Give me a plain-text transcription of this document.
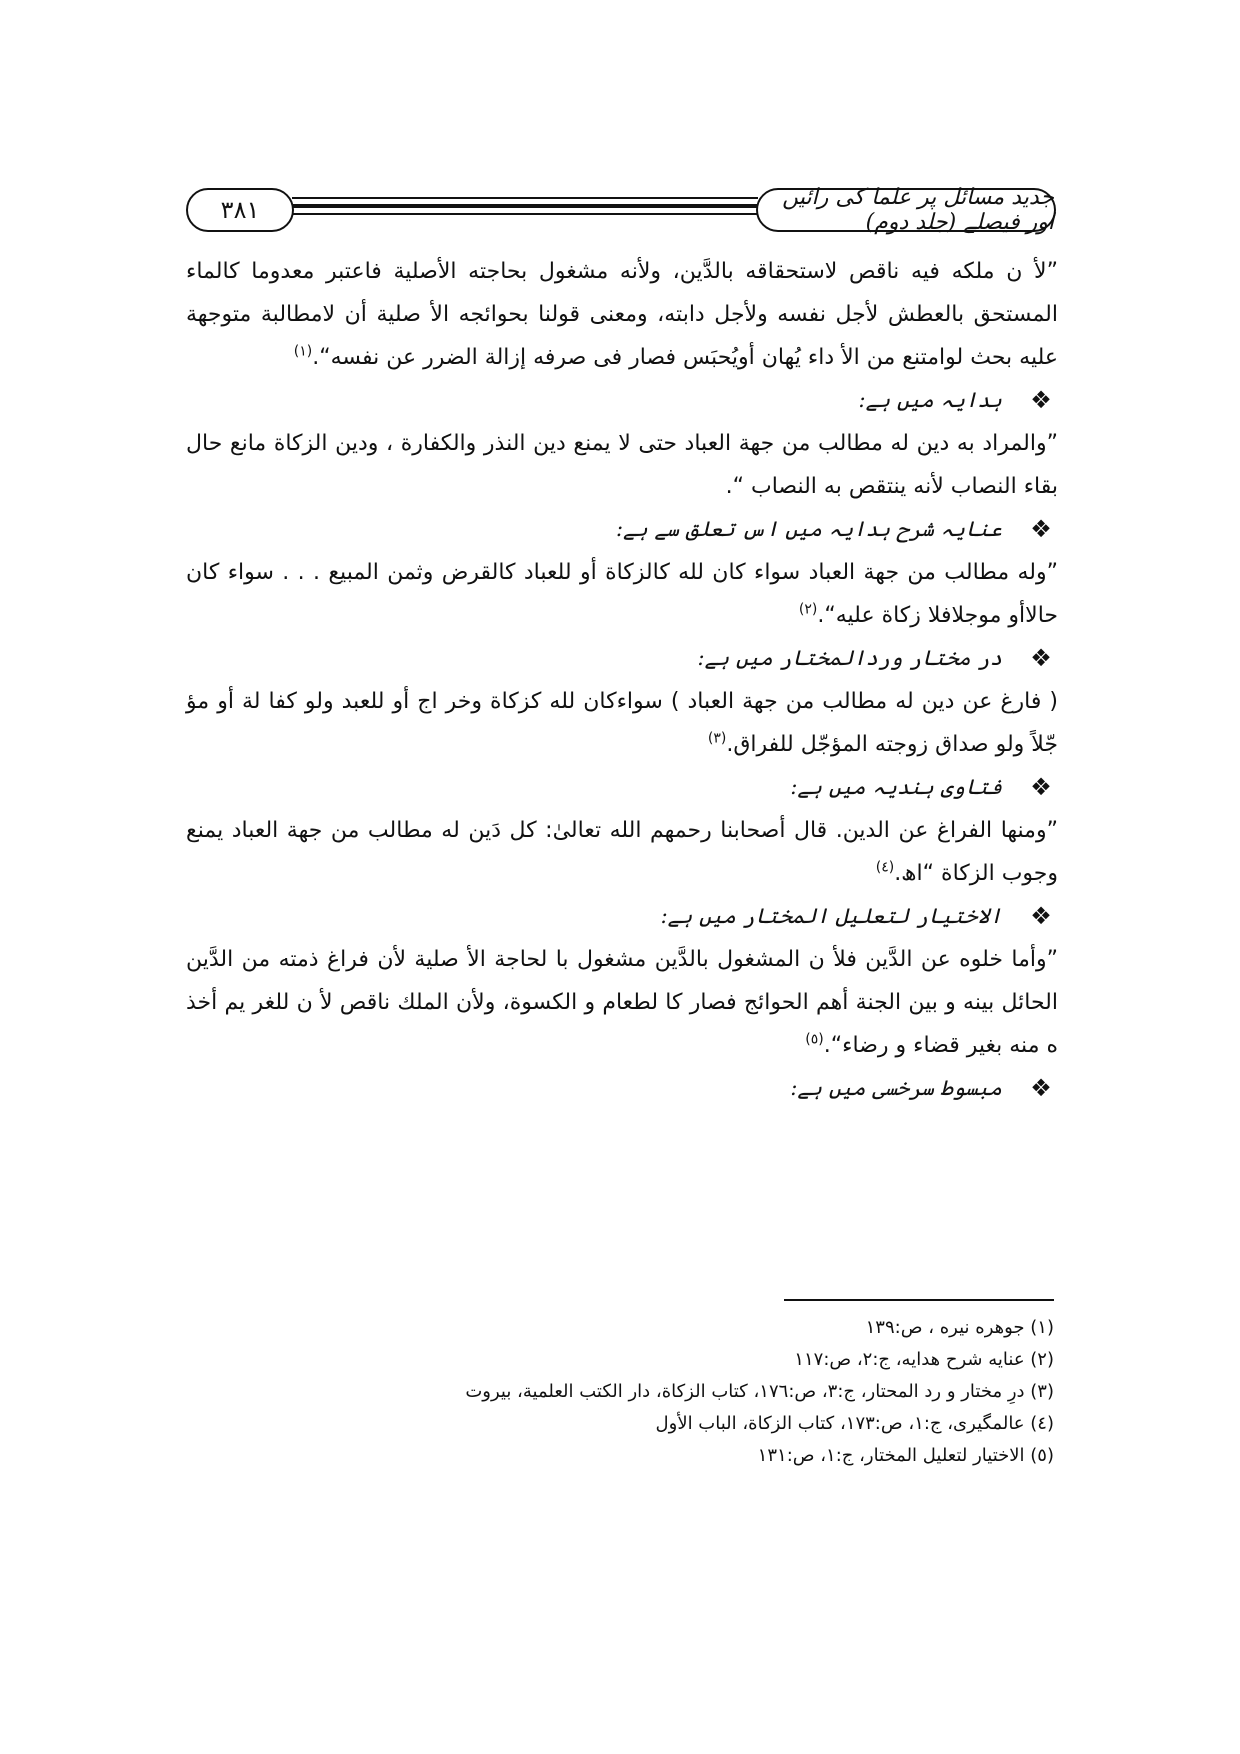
٣٨١	جدید مسائل پر علما کی رائیں اور فیصلے (جلد دوم)

”لأ ن ملكه فيه ناقص لاستحقاقه بالدَّين، ولأنه مشغول بحاجته الأصلية فاعتبر معدوما كالماء المستحق بالعطش لأجل نفسه ولأجل دابته، ومعنى قولنا بحوائجه الأ صلية أن لامطالبة متوجهة عليه بحث لوامتنع من الأ داء يُهان أويُحبَس فصار فى صرفه إزالة الضرر عن نفسه“.$^{(١)}$

❖
ہدایہ میں ہے:

”والمراد به دين له مطالب من جهة العباد حتى لا يمنع دين النذر والكفارة ، ودين الزكاة مانع حال بقاء النصاب لأنه ينتقص به النصاب “.

❖
عنایہ شرح ہدایہ میں اس تعلق سے ہے:

”وله مطالب من جهة العباد سواء كان لله كالزكاة أو للعباد كالقرض وثمن المبيع . . . سواء كان حالاأو موجلافلا زكاة عليه“.$^{(٢)}$

❖
در مختار وردالمختار میں ہے:

( فارغ عن دين له مطالب من جهة العباد ) سواءكان لله كزكاة وخر اج أو للعبد ولو كفا لة أو مؤ جّلاً ولو صداق زوجته المؤجّل للفراق.$^{(٣)}$

❖
فتاوی ہندیہ میں ہے:

”ومنها الفراغ عن الدين. قال أصحابنا رحمهم الله تعالىٰ: كل دَين له مطالب من جهة العباد يمنع وجوب الزكاة “اھ.$^{(٤)}$

❖
الاختیار لتعلیل المختار میں ہے:

”وأما خلوه عن الدَّين فلأ ن المشغول بالدَّين مشغول با لحاجة الأ صلية لأن فراغ ذمته من الدَّين الحائل بينه و بين الجنة أهم الحوائج فصار كا لطعام و الكسوة، ولأن الملك ناقص لأ ن للغر يم أخذ ه منه بغير قضاء و رضاء“.$^{(٥)}$

❖
مبسوط سرخسی میں ہے:

(١) جوهره نيره ، ص:١٣٩

(٢) عنايه شرح هدايه، ج:٢، ص:١١٧

(٣) درِ مختار و رد المحتار، ج:٣، ص:١٧٦، كتاب الزكاة، دار الكتب العلمية، بيروت

(٤) عالمگیری، ج:١، ص:١٧٣، كتاب الزكاة، الباب الأول

(٥) الاختيار لتعليل المختار، ج:١، ص:١٣١
